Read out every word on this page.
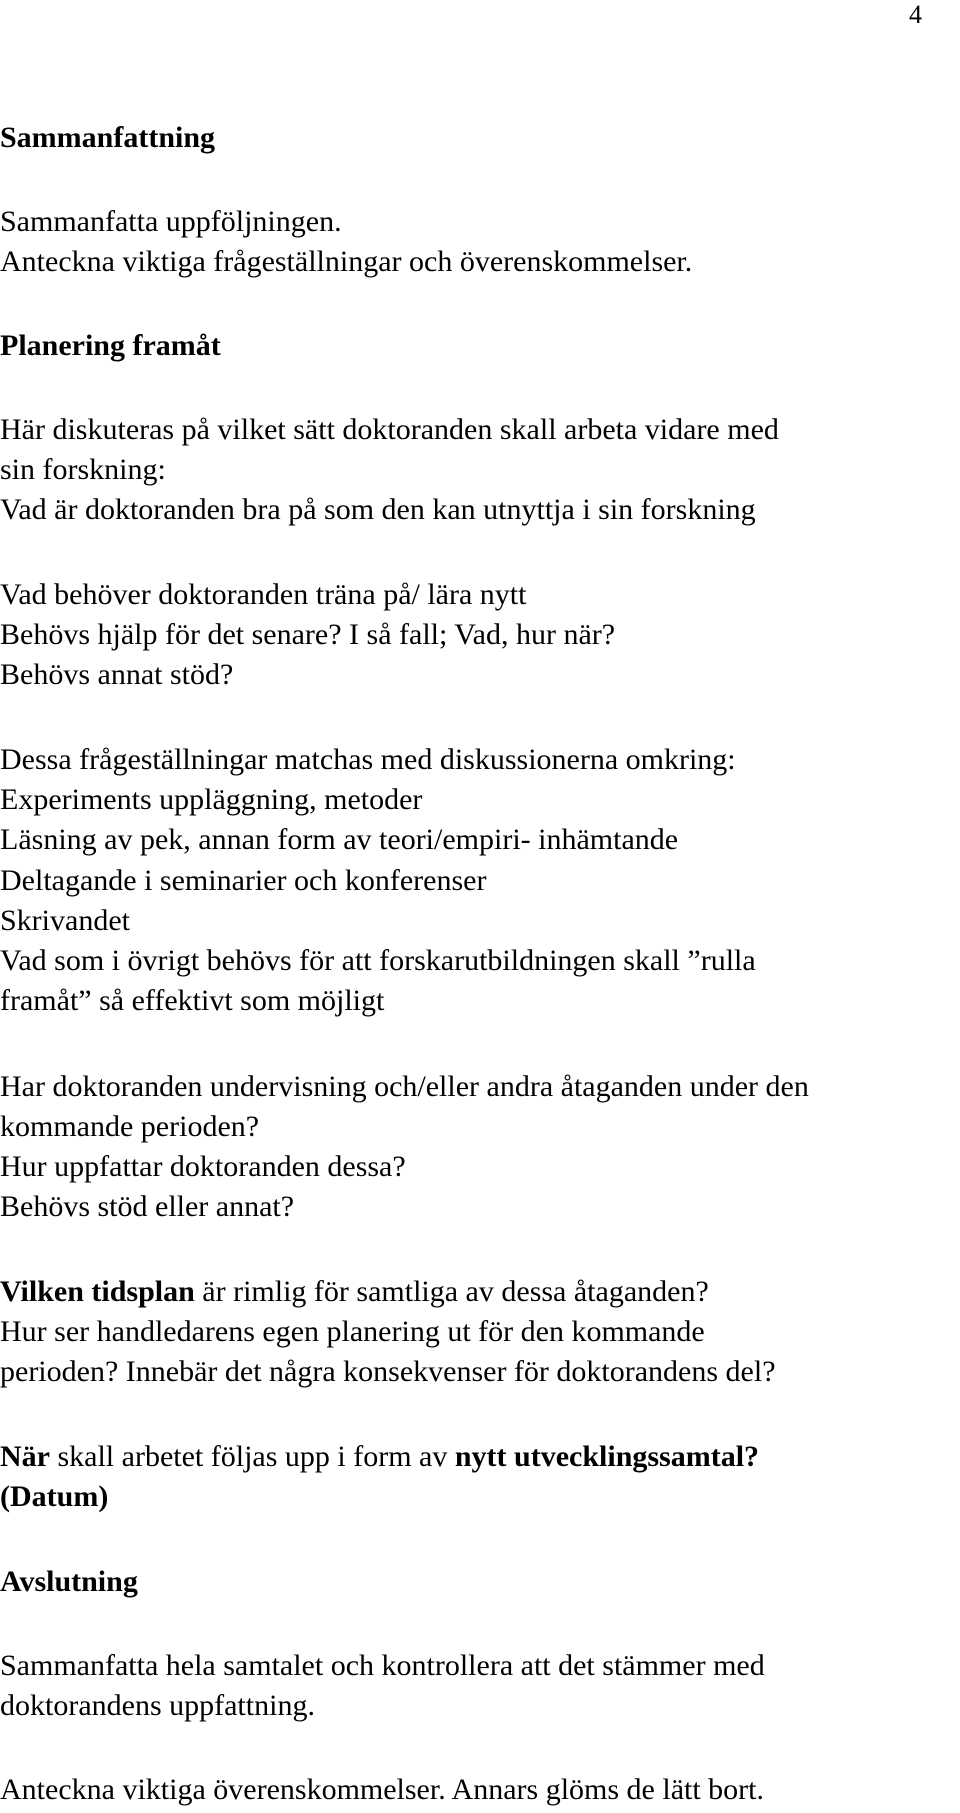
4
Sammanfattning
Sammanfatta uppföljningen.
Anteckna viktiga frågeställningar och överenskommelser.
Planering framåt
Här diskuteras på vilket sätt doktoranden skall arbeta vidare med
sin forskning:
Vad är doktoranden bra på som den kan utnyttja i sin forskning
Vad behöver doktoranden träna på/ lära nytt
Behövs hjälp för det senare? I så fall; Vad, hur när?
Behövs annat stöd?
Dessa frågeställningar matchas med diskussionerna omkring:
Experiments uppläggning, metoder
Läsning av pek, annan form av teori/empiri- inhämtande
Deltagande i seminarier och konferenser
Skrivandet
Vad som i övrigt behövs för att forskarutbildningen skall ”rulla
framåt” så effektivt som möjligt
Har doktoranden undervisning och/eller andra åtaganden under den
kommande perioden?
Hur uppfattar doktoranden dessa?
Behövs stöd eller annat?
Vilken tidsplan är rimlig för samtliga av dessa åtaganden?
Hur ser handledarens egen planering ut för den kommande
perioden? Innebär det några konsekvenser för doktorandens del?
När skall arbetet följas upp i form av nytt utvecklingssamtal?
(Datum)
Avslutning
Sammanfatta hela samtalet och kontrollera att det stämmer med
doktorandens uppfattning.
Anteckna viktiga överenskommelser. Annars glöms de lätt bort.
